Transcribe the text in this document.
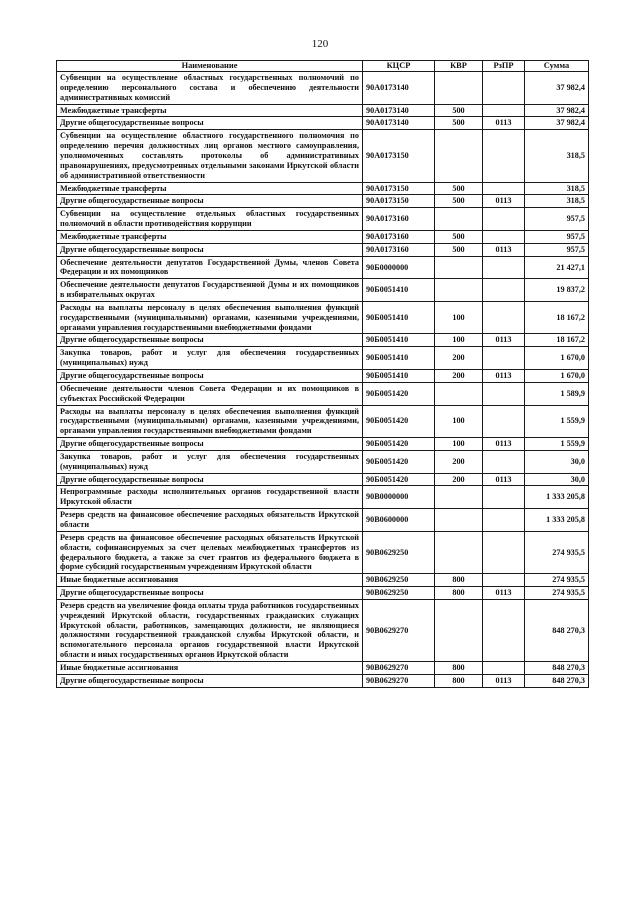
120
Наименование	КЦСР	КВР	РзПР	Сумма
Субвенции на осуществление областных государственных полномочий по определению персонального состава и обеспечению деятельности административных комиссий	90А0173140			37 982,4
Межбюджетные трансферты	90А0173140	500		37 982,4
Другие общегосударственные вопросы	90А0173140	500	0113	37 982,4
Субвенции на осуществление областного государственного полномочия по определению перечня должностных лиц органов местного самоуправления, уполномоченных составлять протоколы об административных правонарушениях, предусмотренных отдельными законами Иркутской области об административной ответственности	90А0173150			318,5
Межбюджетные трансферты	90А0173150	500		318,5
Другие общегосударственные вопросы	90А0173150	500	0113	318,5
Субвенции на осуществление отдельных областных государственных полномочий в области противодействия коррупции	90А0173160			957,5
Межбюджетные трансферты	90А0173160	500		957,5
Другие общегосударственные вопросы	90А0173160	500	0113	957,5
Обеспечение деятельности депутатов Государственной Думы, членов Совета Федерации и их помощников	90Б0000000			21 427,1
Обеспечение деятельности депутатов Государственной Думы и их помощников в избирательных округах	90Б0051410			19 837,2
Расходы на выплаты персоналу в целях обеспечения выполнения функций государственными (муниципальными) органами, казенными учреждениями, органами управления государственными внебюджетными фондами	90Б0051410	100		18 167,2
Другие общегосударственные вопросы	90Б0051410	100	0113	18 167,2
Закупка товаров, работ и услуг для обеспечения государственных (муниципальных) нужд	90Б0051410	200		1 670,0
Другие общегосударственные вопросы	90Б0051410	200	0113	1 670,0
Обеспечение деятельности членов Совета Федерации и их помощников в субъектах Российской Федерации	90Б0051420			1 589,9
Расходы на выплаты персоналу в целях обеспечения выполнения функций государственными (муниципальными) органами, казенными учреждениями, органами управления государственными внебюджетными фондами	90Б0051420	100		1 559,9
Другие общегосударственные вопросы	90Б0051420	100	0113	1 559,9
Закупка товаров, работ и услуг для обеспечения государственных (муниципальных) нужд	90Б0051420	200		30,0
Другие общегосударственные вопросы	90Б0051420	200	0113	30,0
Непрограммные расходы исполнительных органов государственной власти Иркутской области	90В0000000			1 333 205,8
Резерв средств на финансовое обеспечение расходных обязательств Иркутской области	90В0600000			1 333 205,8
Резерв средств на финансовое обеспечение расходных обязательств Иркутской области, софинансируемых за счет целевых межбюджетных трансфертов из федерального бюджета, а также за счет грантов из федерального бюджета в форме субсидий государственным учреждениям Иркутской области	90В0629250			274 935,5
Иные бюджетные ассигнования	90В0629250	800		274 935,5
Другие общегосударственные вопросы	90В0629250	800	0113	274 935,5
Резерв средств на увеличение фонда оплаты труда работников государственных учреждений Иркутской области, государственных гражданских служащих Иркутской области, работников, замещающих должности, не являющиеся должностями государственной гражданской службы Иркутской области, и вспомогательного персонала органов государственной власти Иркутской области и иных государственных органов Иркутской области	90В0629270			848 270,3
Иные бюджетные ассигнования	90В0629270	800		848 270,3
Другие общегосударственные вопросы	90В0629270	800	0113	848 270,3
